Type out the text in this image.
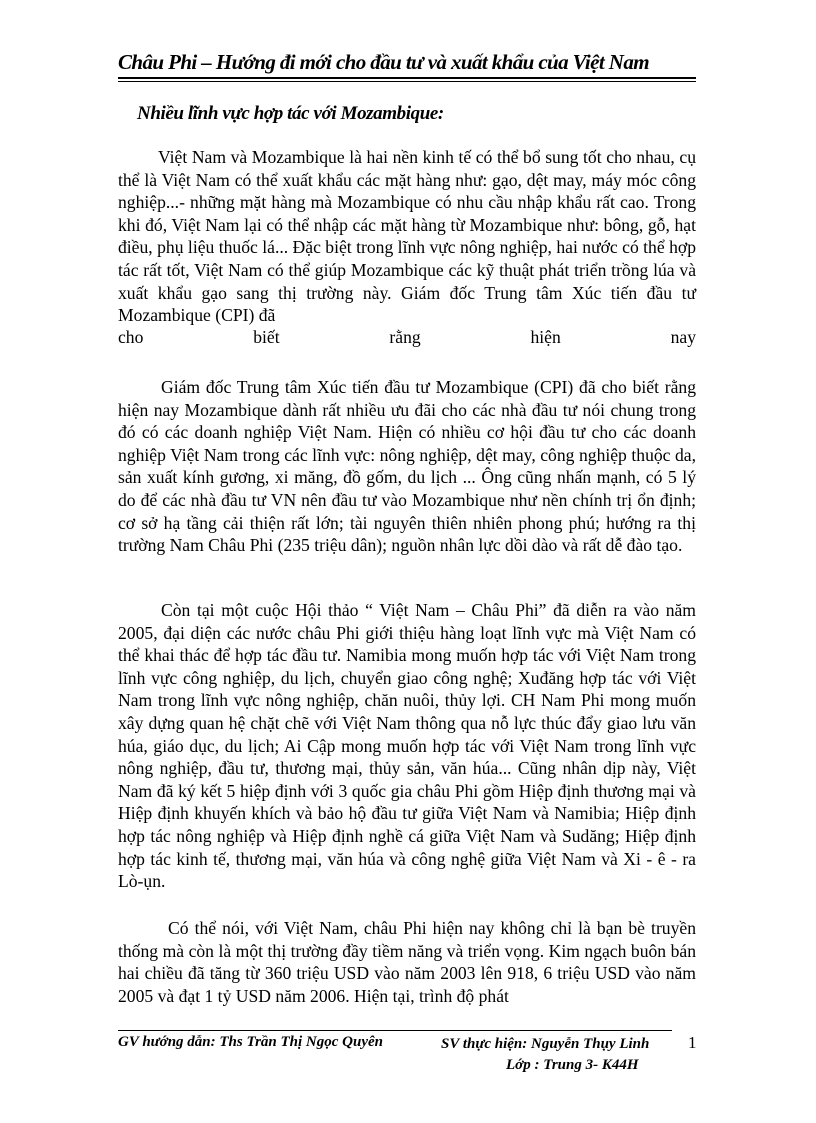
Châu Phi – Hướng đi mới cho đầu tư và xuất khẩu của Việt Nam
Nhiều lĩnh vực hợp tác với Mozambique:

Việt Nam và Mozambique là hai nền kinh tế có thể bổ sung tốt cho nhau, cụ thể là Việt Nam có thể xuất khẩu các mặt hàng như: gạo, dệt may, máy móc công nghiệp...- những mặt hàng mà Mozambique có nhu cầu nhập khẩu rất cao. Trong khi đó, Việt Nam lại có thể nhập các mặt hàng từ Mozambique như: bông, gỗ, hạt điều, phụ liệu thuốc lá... Đặc biệt trong lĩnh vực nông nghiệp, hai nước có thể hợp tác rất tốt, Việt Nam có thể giúp Mozambique các kỹ thuật phát triển trồng lúa và xuất khẩu gạo sang thị trường này. Giám đốc Trung tâm Xúc tiến đầu tư Mozambique (CPI) đã

cho biết rằng hiện nay

Giám đốc Trung tâm Xúc tiến đầu tư Mozambique (CPI) đã cho biết rằng hiện nay Mozambique dành rất nhiều ưu đãi cho các nhà đầu tư nói chung trong đó có các doanh nghiệp Việt Nam. Hiện có nhiều cơ hội đầu tư cho các doanh nghiệp Việt Nam trong các lĩnh vực: nông nghiệp, dệt may, công nghiệp thuộc da, sản xuất kính gương, xi măng, đồ gốm, du lịch ... Ông cũng nhấn mạnh, có 5 lý do để các nhà đầu tư VN nên đầu tư vào Mozambique như nền chính trị ổn định; cơ sở hạ tầng cải thiện rất lớn; tài nguyên thiên nhiên phong phú; hướng ra thị trường Nam Châu Phi (235 triệu dân); nguồn nhân lực dồi dào và rất dễ đào tạo.

Còn tại một cuộc Hội thảo “ Việt Nam – Châu Phi” đã diễn ra vào năm 2005, đại diện các nước châu Phi giới thiệu hàng loạt lĩnh vực mà Việt Nam có thể khai thác để hợp tác đầu tư. Namibia mong muốn hợp tác với Việt Nam trong lĩnh vực công nghiệp, du lịch, chuyển giao công nghệ; Xuđăng hợp tác với Việt Nam trong lĩnh vực nông nghiệp, chăn nuôi, thủy lợi. CH Nam Phi mong muốn xây dựng quan hệ chặt chẽ với Việt Nam thông qua nỗ lực thúc đẩy giao lưu văn húa, giáo dục, du lịch; Ai Cập mong muốn hợp tác với Việt Nam trong lĩnh vực nông nghiệp, đầu tư, thương mại, thủy sản, văn húa... Cũng nhân dịp này, Việt Nam đã ký kết 5 hiệp định với 3 quốc gia châu Phi gồm Hiệp định thương mại và Hiệp định khuyến khích và bảo hộ đầu tư giữa Việt Nam và Namibia; Hiệp định hợp tác nông nghiệp và Hiệp định nghề cá giữa Việt Nam và Sudăng; Hiệp định hợp tác kinh tế, thương mại, văn húa và công nghệ giữa Việt Nam và Xi - ê - ra Lò-ụn.

Có thể nói, với Việt Nam, châu Phi hiện nay không chỉ là bạn bè truyền thống mà còn là một thị trường đầy tiềm năng và triển vọng. Kim ngạch buôn bán hai chiều đã tăng từ 360 triệu USD vào năm 2003 lên 918, 6 triệu USD vào năm 2005 và đạt 1 tỷ USD năm 2006. Hiện tại, trình độ phát

GV hướng dẫn: Ths Trần Thị Ngọc Quyên	SV thực hiện: Nguyễn Thụy Linh
Lớp : Trung 3- K44H
1
